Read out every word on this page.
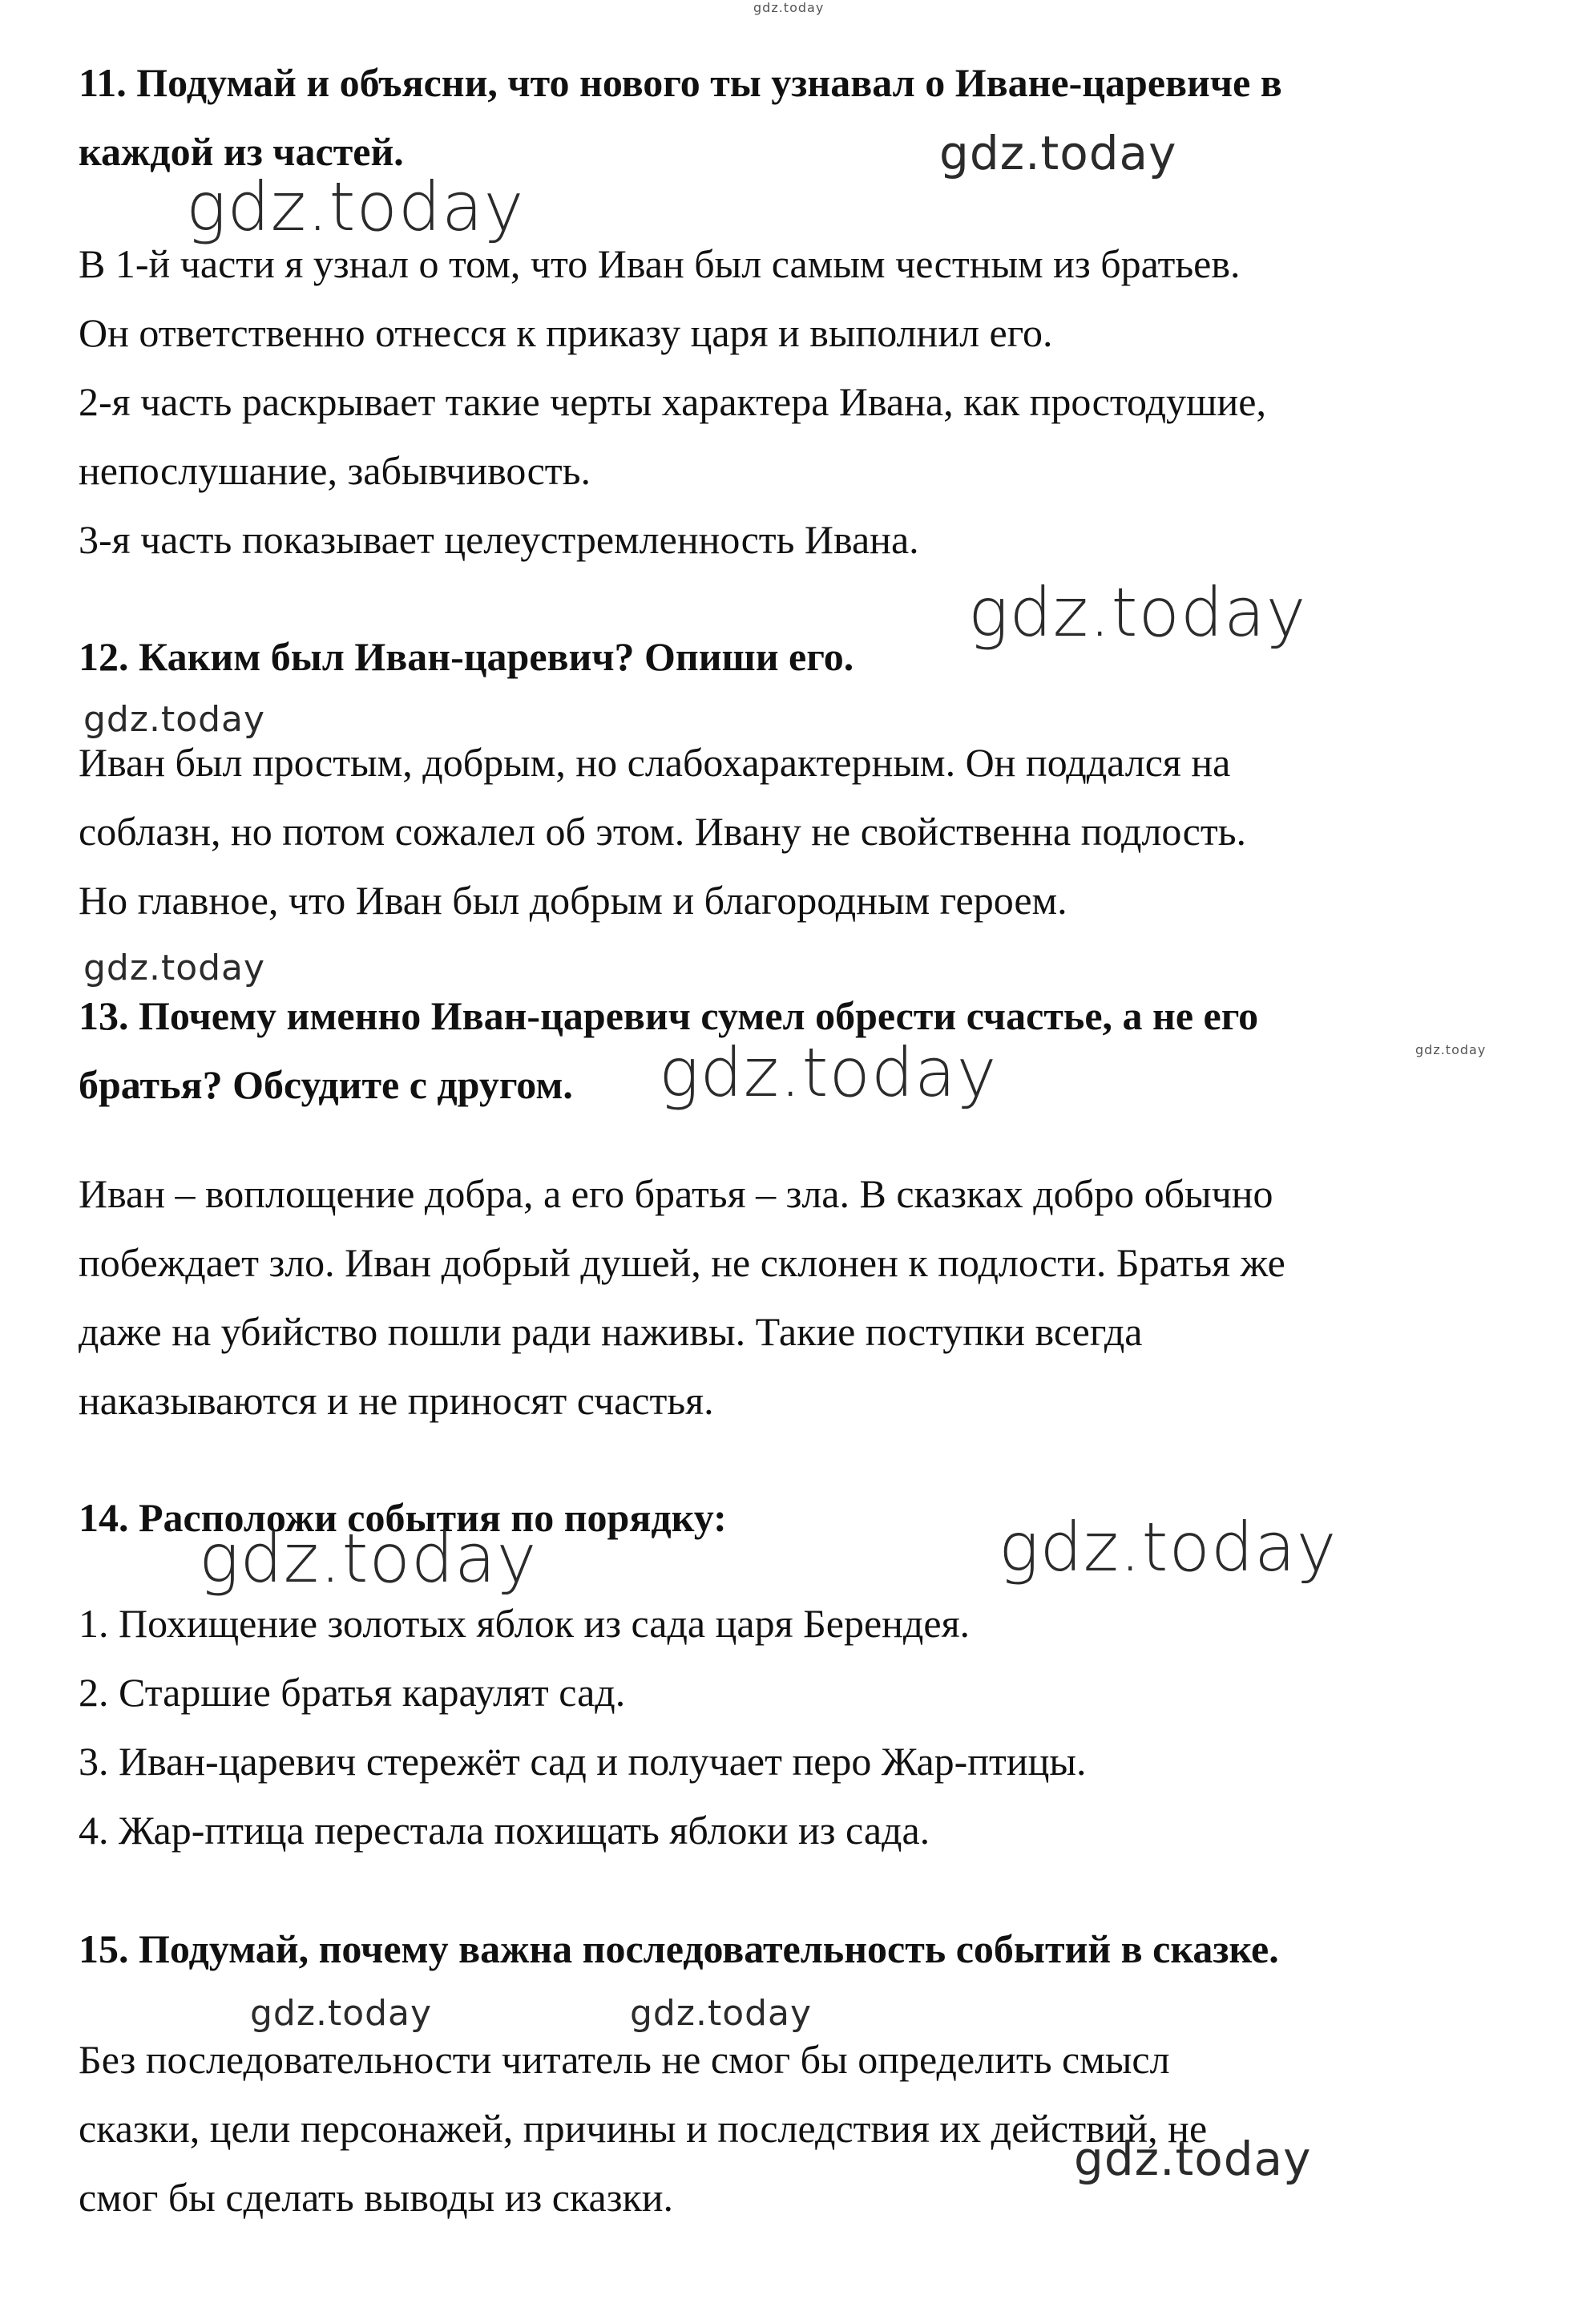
11. Подумай и объясни, что нового ты узнавал о Иване-царевиче в
каждой из частей.
В 1-й части я узнал о том, что Иван был самым честным из братьев.
Он ответственно отнесся к приказу царя и выполнил его.
2-я часть раскрывает такие черты характера Ивана, как простодушие,
непослушание, забывчивость.
3-я часть показывает целеустремленность Ивана.
12. Каким был Иван-царевич? Опиши его.
Иван был простым, добрым, но слабохарактерным. Он поддался на
соблазн, но потом сожалел об этом. Ивану не свойственна подлость.
Но главное, что Иван был добрым и благородным героем.
13. Почему именно Иван-царевич сумел обрести счастье, а не его
братья? Обсудите с другом.
Иван – воплощение добра, а его братья – зла. В сказках добро обычно
побеждает зло. Иван добрый душей, не склонен к подлости. Братья же
даже на убийство пошли ради наживы. Такие поступки всегда
наказываются и не приносят счастья.
14. Расположи события по порядку:
1. Похищение золотых яблок из сада царя Берендея.
2. Старшие братья караулят сад.
3. Иван-царевич стережёт сад и получает перо Жар-птицы.
4. Жар-птица перестала похищать яблоки из сада.
15. Подумай, почему важна последовательность событий в сказке.
Без последовательности читатель не смог бы определить смысл
сказки, цели персонажей, причины и последствия их действий, не
смог бы сделать выводы из сказки.
gdz.today
gdz.today
gdz.today
gdz.today
gdz.today
gdz.today
gdz.today	gdz.today
gdz.today	gdz.today
gdz.today	gdz.today
gdz.today
